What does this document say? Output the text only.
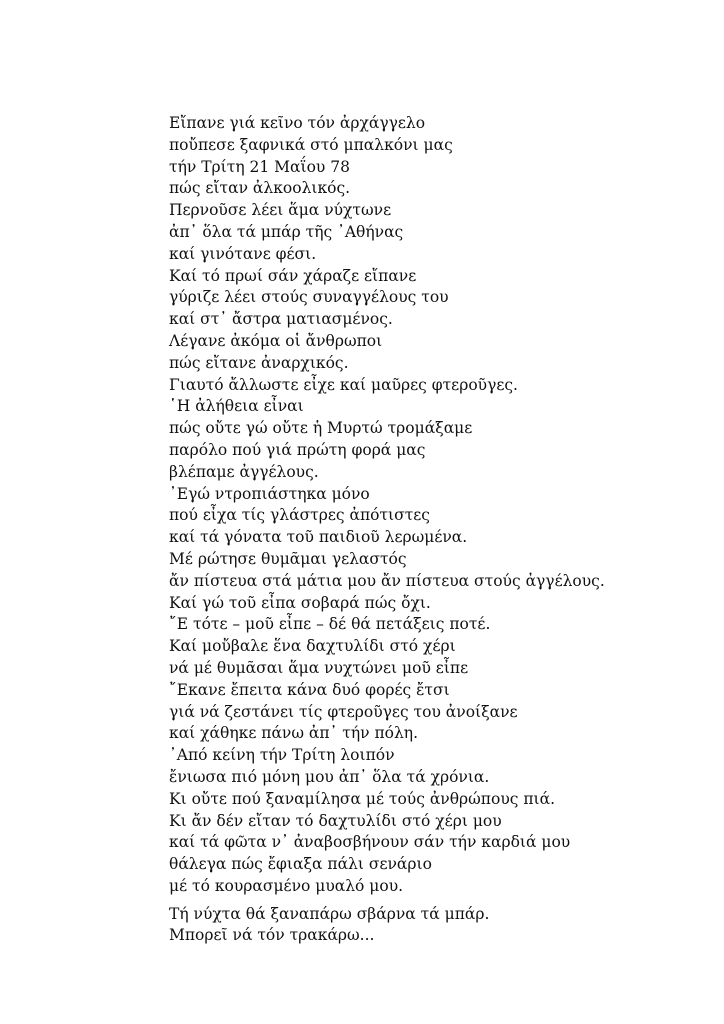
Εἴπανε γιά κεῖνο τόν ἀρχάγγελο
ποὔπεσε ξαφνικά στό μπαλκόνι μας
τήν Τρίτη 21 Μαΐου 78
πώς εἴταν ἀλκοολικός.
Περνοῦσε λέει ἅμα νύχτωνε
ἀπ᾿ ὅλα τά μπάρ τῆς ᾿Αθήνας
καί γινότανε φέσι.
Καί τό πρωί σάν χάραζε εἴπανε
γύριζε λέει στούς συναγγέλους του
καί στ᾿ ἄστρα ματιασμένος.
Λέγανε ἀκόμα οἱ ἄνθρωποι
πώς εἴτανε ἀναρχικός.
Γιαυτό ἄλλωστε εἶχε καί μαῦρες φτεροῦγες.
῾Η ἀλήθεια εἶναι
πώς οὔτε γώ οὔτε ἡ Μυρτώ τρομάξαμε
παρόλο πού γιά πρώτη φορά μας
βλέπαμε ἀγγέλους.
᾿Εγώ ντροπιάστηκα μόνο
πού εἶχα τίς γλάστρες ἀπότιστες
καί τά γόνατα τοῦ παιδιοῦ λερωμένα.
Μέ ρώτησε θυμᾶμαι γελαστός
ἄν πίστευα στά μάτια μου ἄν πίστευα στούς ἀγγέλους.
Καί γώ τοῦ εἶπα σοβαρά πώς ὄχι.
῎Ε τότε – μοῦ εἶπε – δέ θά πετάξεις ποτέ.
Καί μοὔβαλε ἕνα δαχτυλίδι στό χέρι
νά μέ θυμᾶσαι ἅμα νυχτώνει μοῦ εἶπε
῎Εκανε ἔπειτα κάνα δυό φορές ἔτσι
γιά νά ζεστάνει τίς φτεροῦγες του ἀνοίξανε
καί χάθηκε πάνω ἀπ᾿ τήν πόλη.
᾿Από κείνη τήν Τρίτη λοιπόν
ἔνιωσα πιό μόνη μου ἀπ᾿ ὅλα τά χρόνια.
Κι οὔτε πού ξαναμίλησα μέ τούς ἀνθρώπους πιά.
Κι ἄν δέν εἴταν τό δαχτυλίδι στό χέρι μου
καί τά φῶτα ν᾿ ἀναβοσβήνουν σάν τήν καρδιά μου
θάλεγα πώς ἔφιαξα πάλι σενάριο
μέ τό κουρασμένο μυαλό μου.
Τή νύχτα θά ξαναπάρω σβάρνα τά μπάρ.
Μπορεῖ νά τόν τρακάρω...
